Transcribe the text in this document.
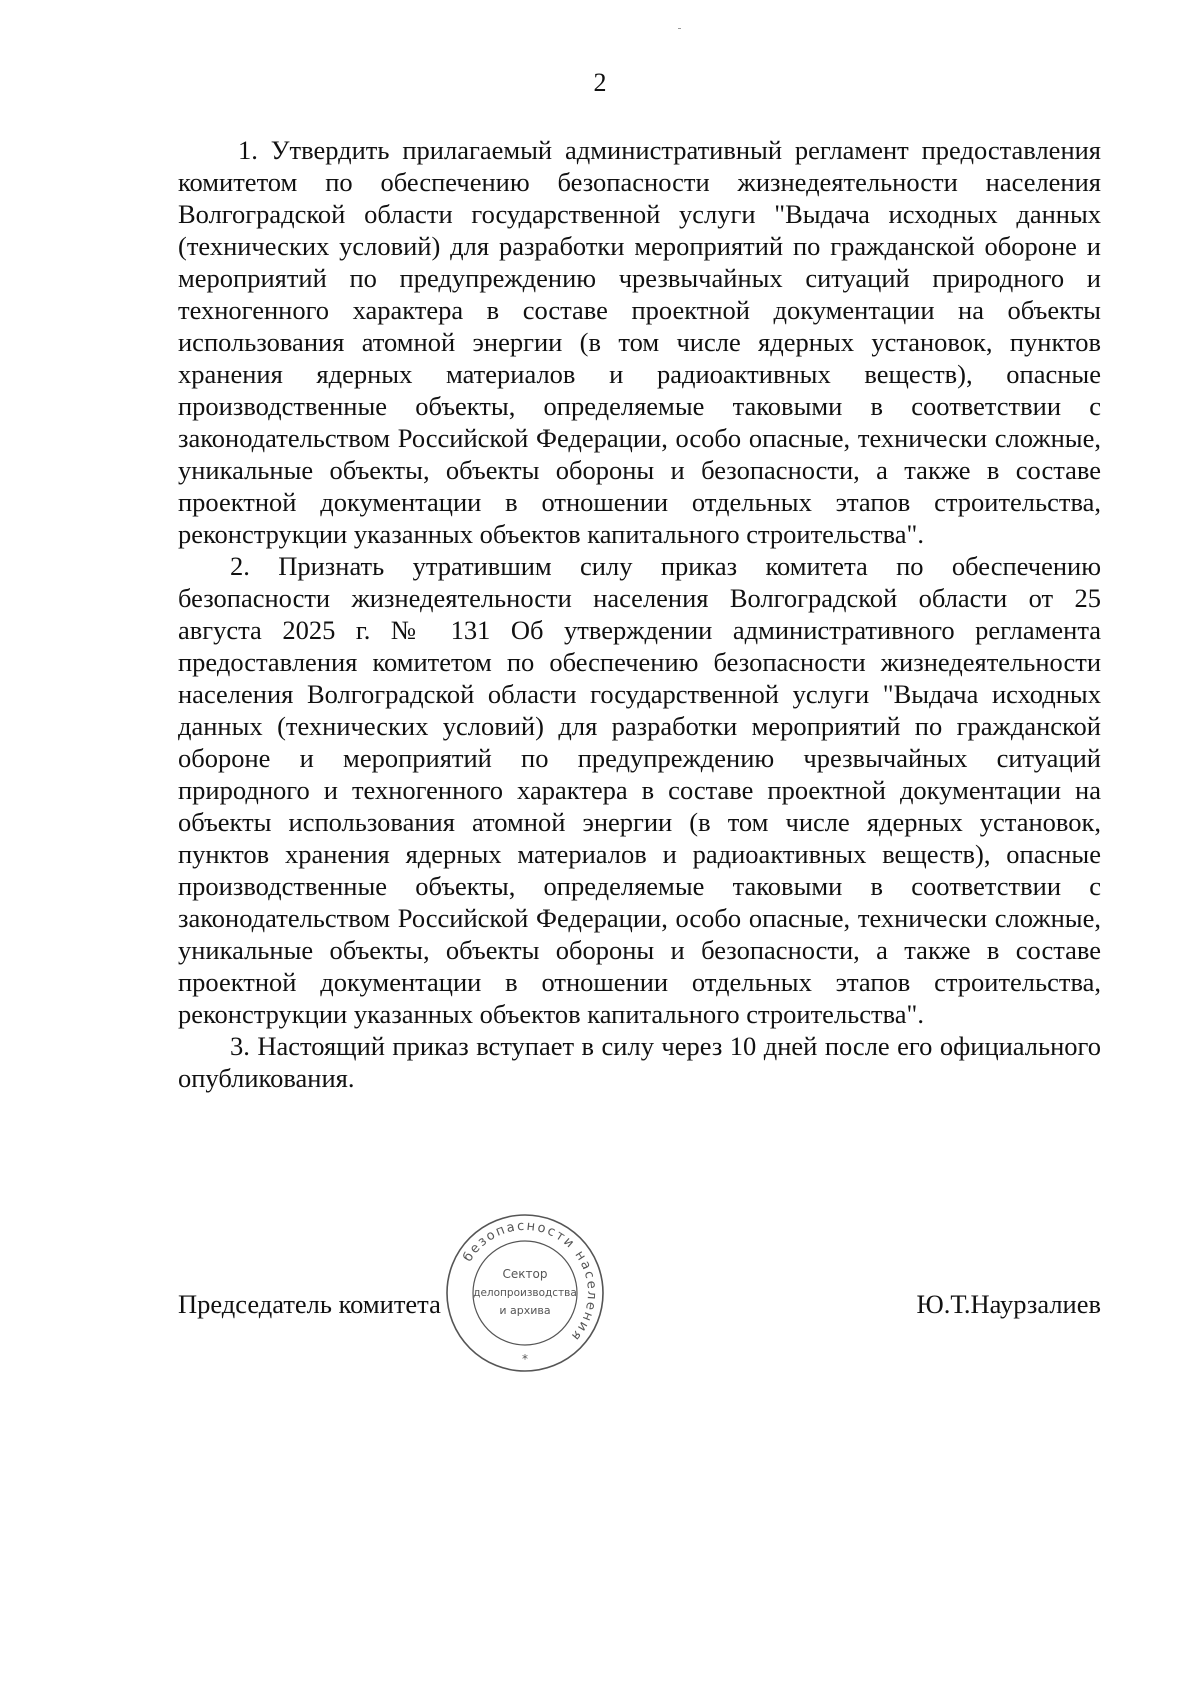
2

1. Утвердить прилагаемый административный регламент предоставления комитетом по обеспечению безопасности жизнедеятельности населения Волгоградской области государственной услуги "Выдача исходных данных (технических условий) для разработки мероприятий по гражданской обороне и мероприятий по предупреждению чрезвычайных ситуаций природного и техногенного характера в составе проектной документации на объекты использования атомной энергии (в том числе ядерных установок, пунктов хранения ядерных материалов и радиоактивных веществ), опасные производственные объекты, определяемые таковыми в соответствии с законодательством Российской Федерации, особо опасные, технически сложные, уникальные объекты, объекты обороны и безопасности, а также в составе проектной документации в отношении отдельных этапов строительства, реконструкции указанных объектов капитального строительства".

2. Признать утратившим силу приказ комитета по обеспечению безопасности жизнедеятельности населения Волгоградской области от 25 августа 2025 г. № 131 Об утверждении административного регламента предоставления комитетом по обеспечению безопасности жизнедеятельности населения Волгоградской области государственной услуги "Выдача исходных данных (технических условий) для разработки мероприятий по гражданской обороне и мероприятий по предупреждению чрезвычайных ситуаций природного и техногенного характера в составе проектной документации на объекты использования атомной энергии (в том числе ядерных установок, пунктов хранения ядерных материалов и радиоактивных веществ), опасные производственные объекты, определяемые таковыми в соответствии с законодательством Российской Федерации, особо опасные, технически сложные, уникальные объекты, объекты обороны и безопасности, а также в составе проектной документации в отношении отдельных этапов строительства, реконструкции указанных объектов капитального строительства".

3. Настоящий приказ вступает в силу через 10 дней после его официального опубликования.

Председатель комитета	Ю.Т.Наурзалиев
безопасности населения
Сектор
делопроизводства
и архива
*
